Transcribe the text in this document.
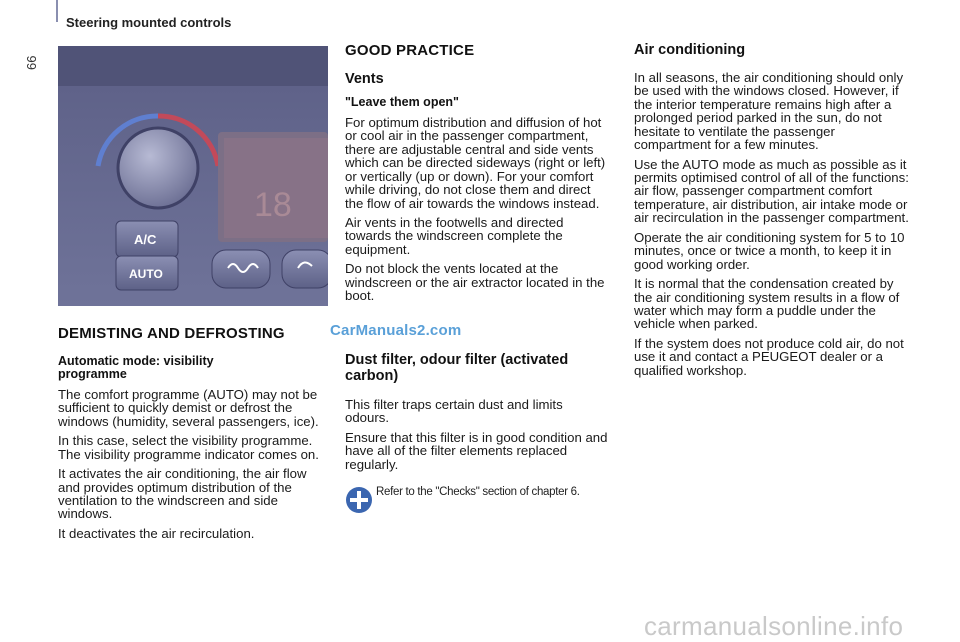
66
Steering mounted controls
18
A/C
AUTO
DEMISTING AND DEFROSTING
Automatic mode: visibility programme

The comfort programme (AUTO) may not be sufficient to quickly demist or defrost the windows (humidity, several passengers, ice).

In this case, select the visibility programme. The visibility programme indicator comes on.

It activates the air conditioning, the air flow and provides optimum distribution of the ventilation to the windscreen and side windows.

It deactivates the air recirculation.

GOOD PRACTICE
Vents
"Leave them open"

For optimum distribution and diffusion of hot or cool air in the passenger compartment, there are adjustable central and side vents which can be directed sideways (right or left) or vertically (up or down). For your comfort while driving, do not close them and direct the flow of air towards the windows instead.

Air vents in the footwells and directed towards the windscreen complete the equipment.

Do not block the vents located at the windscreen or the air extractor located in the boot.

Dust filter, odour filter (activated carbon)

This filter traps certain dust and limits odours.

Ensure that this filter is in good condition and have all of the filter elements replaced regularly.

Refer to the "Checks" section of chapter 6.
Air conditioning

In all seasons, the air conditioning should only be used with the windows closed. However, if the interior temperature remains high after a prolonged period parked in the sun, do not hesitate to ventilate the passenger compartment for a few minutes.

Use the AUTO mode as much as possible as it permits optimised control of all of the functions: air flow, passenger compartment comfort temperature, air distribution, air intake mode or air recirculation in the passenger compartment.

Operate the air conditioning system for 5 to 10 minutes, once or twice a month, to keep it in good working order.

It is normal that the condensation created by the air conditioning system results in a flow of water which may form a puddle under the vehicle when parked.

If the system does not produce cold air, do not use it and contact a PEUGEOT dealer or a qualified workshop.

CarManuals2.com
carmanualsonline.info
